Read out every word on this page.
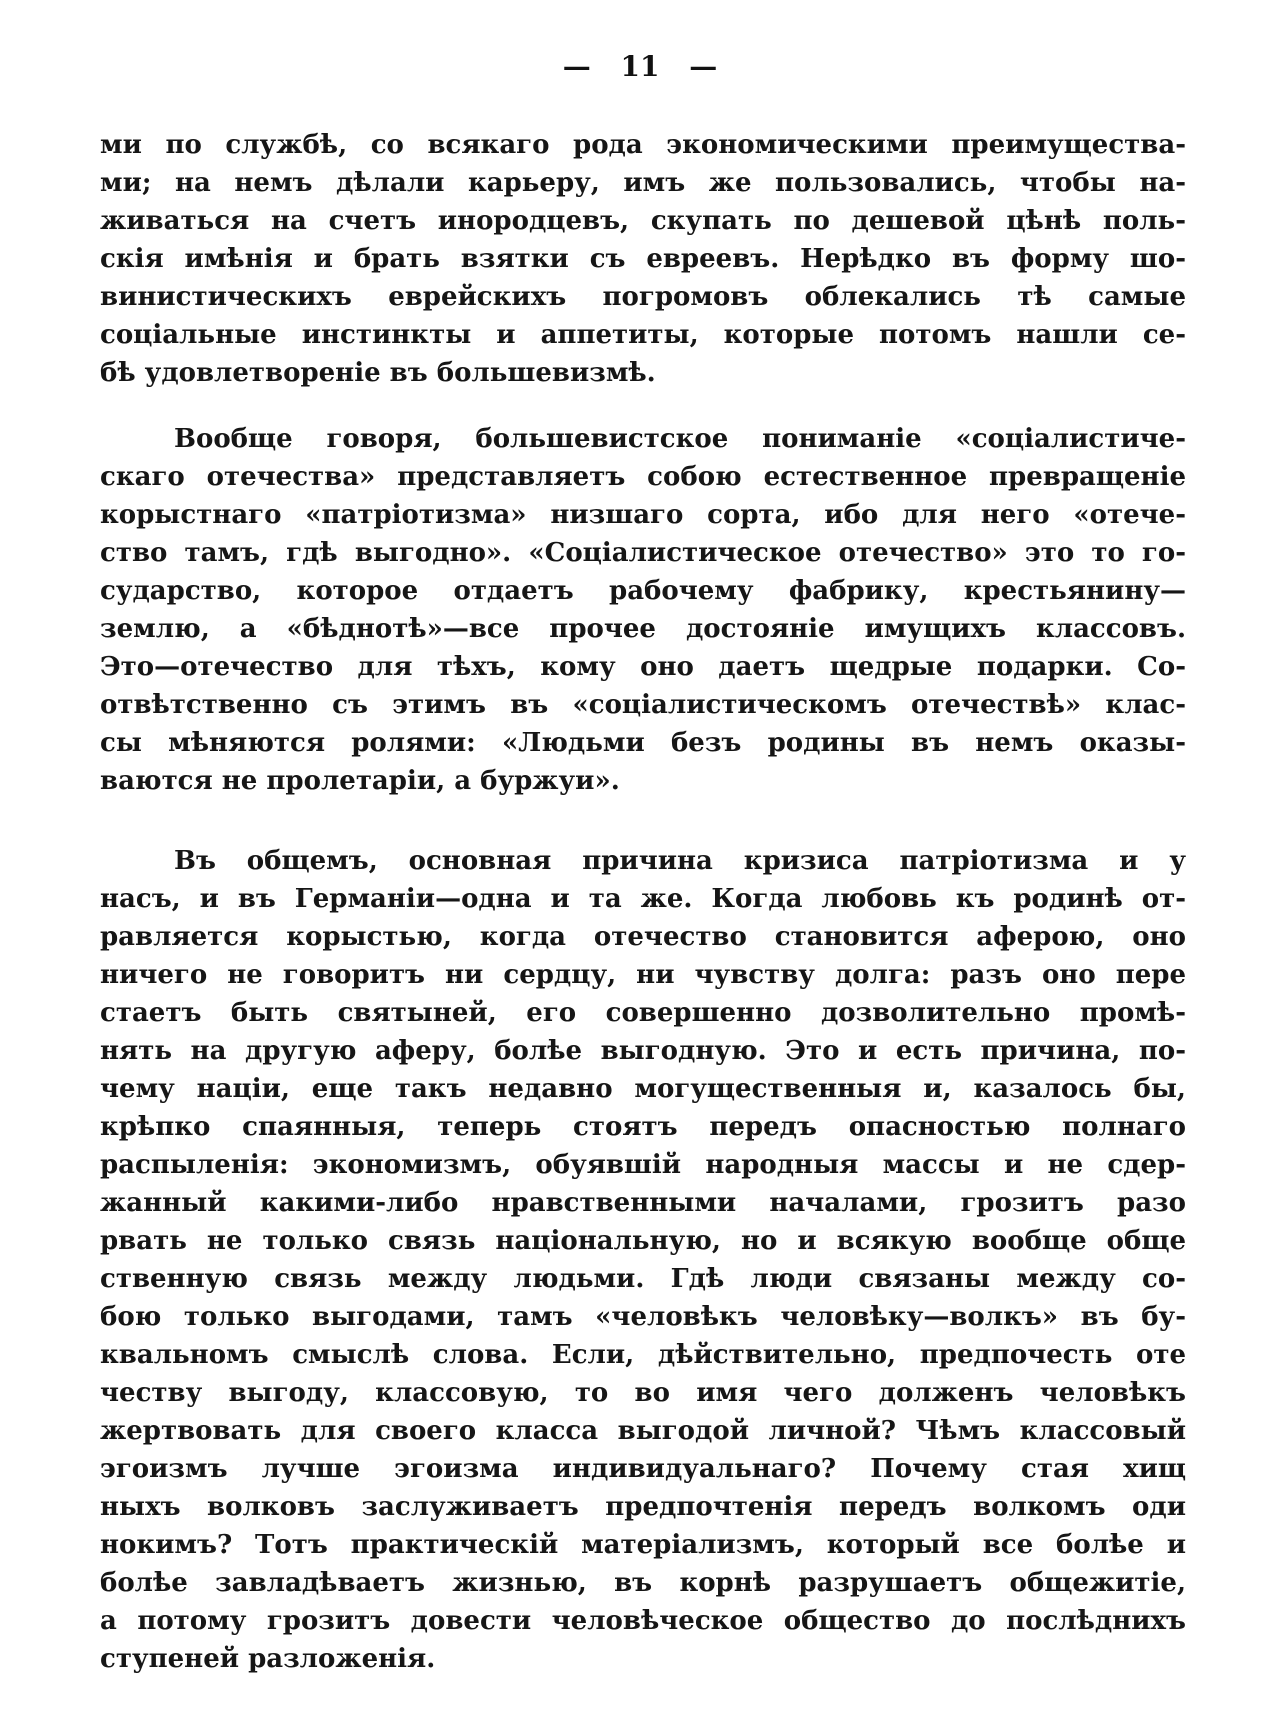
— 11 —
ми по службѣ, со всякаго рода экономическими преимущества-
ми; на немъ дѣлали карьеру, имъ же пользовались, чтобы на-
живаться на счетъ инородцевъ, скупать по дешевой цѣнѣ поль-
скія имѣнія и брать взятки съ евреевъ. Нерѣдко въ форму шо-
винистическихъ еврейскихъ погромовъ облекались тѣ самые
соціальные инстинкты и аппетиты, которые потомъ нашли се-
бѣ удовлетвореніе въ большевизмѣ.
Вообще говоря, большевистское пониманіе «соціалистиче-
скаго отечества» представляетъ собою естественное превращеніе
корыстнаго «патріотизма» низшаго сорта, ибо для него «отече-
ство тамъ, гдѣ выгодно». «Соціалистическое отечество» это то го-
сударство, которое отдаетъ рабочему фабрику, крестьянину—
землю, а «бѣднотѣ»—все прочее достояніе имущихъ классовъ.
Это—отечество для тѣхъ, кому оно даетъ щедрые подарки. Со-
отвѣтственно съ этимъ въ «соціалистическомъ отечествѣ» клас-
сы мѣняются ролями: «Людьми безъ родины въ немъ оказы-
ваются не пролетаріи, а буржуи».
Въ общемъ, основная причина кризиса патріотизма и у
насъ, и въ Германіи—одна и та же. Когда любовь къ родинѣ от-
равляется корыстью, когда отечество становится аферою, оно
ничего не говоритъ ни сердцу, ни чувству долга: разъ оно пере
стаетъ быть святыней, его совершенно дозволительно промѣ-
нять на другую аферу, болѣе выгодную. Это и есть причина, по-
чему націи, еще такъ недавно могущественныя и, казалось бы,
крѣпко спаянныя, теперь стоятъ передъ опасностью полнаго
распыленія: экономизмъ, обуявшій народныя массы и не сдер-
жанный какими-либо нравственными началами, грозитъ разо
рвать не только связь національную, но и всякую вообще обще
ственную связь между людьми. Гдѣ люди связаны между со-
бою только выгодами, тамъ «человѣкъ человѣку—волкъ» въ бу-
квальномъ смыслѣ слова. Если, дѣйствительно, предпочесть оте
честву выгоду, классовую, то во имя чего долженъ человѣкъ
жертвовать для своего класса выгодой личной? Чѣмъ классовый
эгоизмъ лучше эгоизма индивидуальнаго? Почему стая хищ
ныхъ волковъ заслуживаетъ предпочтенія передъ волкомъ оди
нокимъ? Тотъ практическій матеріализмъ, который все болѣе и
болѣе завладѣваетъ жизнью, въ корнѣ разрушаетъ общежитіе,
а потому грозитъ довести человѣческое общество до послѣднихъ
ступеней разложенія.
